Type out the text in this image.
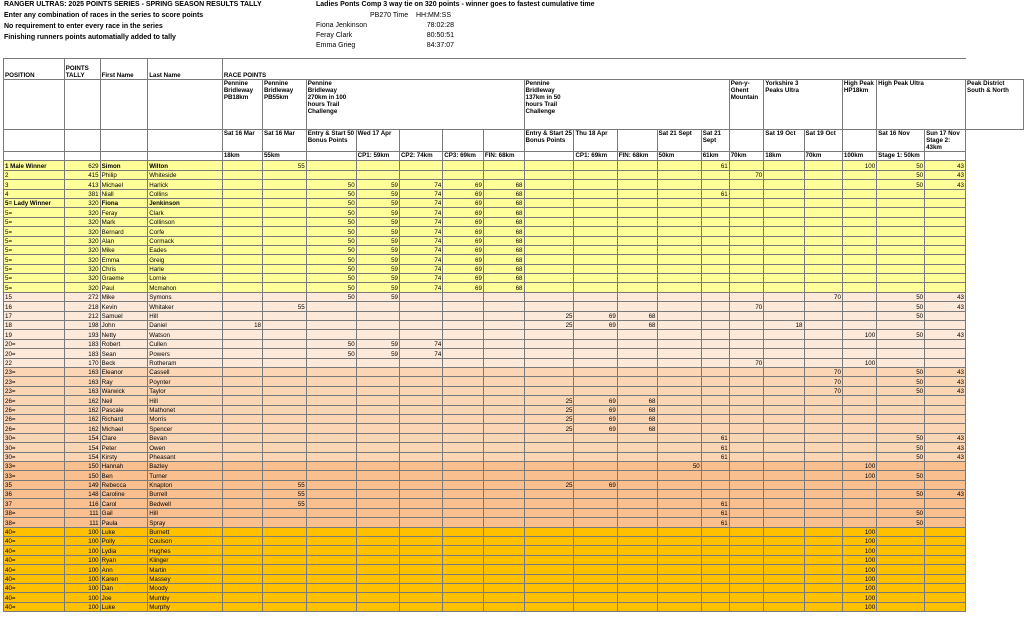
RANGER ULTRAS: 2025 POINTS SERIES - SPRING SEASON RESULTS TALLY
Enter any combination of races in the series to score points
No requirement to enter every race in the series
Finishing runners points automatially added to tally
Ladies Ponts Comp 3 way tie on 320 points - winner goes to fastest cumulative time
PB270 Time HH:MM:SS
Fiona Jenkinson	78:02:28
Feray Clark	80:50:51
Emma Grieg	84:37:07
POSITION	POINTS TALLY	First Name	Last Name	RACE POINTS																		
				Pennine Bridleway PB18km	Pennine Bridleway PB55km	Pennine Bridleway 270km in 100 hours Trail Challenge					Pennine Bridleway 137km in 50 hours Trail Challenge					Pen-y-Ghent Mountain	Yorkshire 3 Peaks Ultra		High Peak HP18km	High Peak Ultra		Peak District South & North

				Sat 16 Mar	Sat 16 Mar	Entry & Start 50 Bonus Points	Wed 17 Apr				Entry & Start 25 Bonus Points	Thu 18 Apr		Sat 21 Sept	Sat 21 Sept		Sat 19 Oct	Sat 19 Oct		Sat 16 Nov	Sun 17 Nov Stage 2: 43km	
				18km	55km		CP1: 59km	CP2: 74km	CP3: 69km	FIN: 68km		CP1: 69km	FIN: 68km	50km	61km	70km	18km	70km	100km	Stage 1: 50km		
1 Male Winner	629	Simon	Wilton		55										61				100	50	43	
2	415	Philip	Whiteside													70				50	43	
3	413	Michael	Harlick			50	59	74	69	68										50	43	
4	381	Niall	Collins			50	59	74	69	68					61							
5= Lady Winner	320	Fiona	Jenkinson			50	59	74	69	68												
5=	320	Feray	Clark			50	59	74	69	68												
5=	320	Mark	Collinson			50	59	74	69	68												
5=	320	Bernard	Corfe			50	59	74	69	68												
5=	320	Alan	Cormack			50	59	74	69	68												
5=	320	Mike	Eades			50	59	74	69	68												
5=	320	Emma	Greig			50	59	74	69	68												
5=	320	Chris	Harle			50	59	74	69	68												
5=	320	Graeme	Lornie			50	59	74	69	68												
5=	320	Paul	Mcmahon			50	59	74	69	68												
15	272	Mike	Symons			50	59											70		50	43	
16	218	Kevin	Whitaker		55											70				50	43	
17	212	Samuel	Hill								25	69	68							50		
18	198	John	Daniel	18							25	69	68				18					
19	193	Netty	Watson																100	50	43	
20=	183	Robert	Cullen			50	59	74														
20=	183	Sean	Powers			50	59	74														
22	170	Beck	Rotheram													70			100			
23=	163	Eleanor	Cassell															70		50	43	
23=	163	Ray	Poynter															70		50	43	
23=	163	Warwick	Taylor															70		50	43	
26=	162	Neil	Hill								25	69	68									
26=	162	Pascale	Mathonet								25	69	68									
26=	162	Richard	Morris								25	69	68									
26=	162	Michael	Spencer								25	69	68									
30=	154	Clare	Bevan												61					50	43	
30=	154	Peter	Owen												61					50	43	
30=	154	Kirsty	Pheasant												61					50	43	
33=	150	Hannah	Bazley											50					100			
33=	150	Ben	Turner																100	50		
35	149	Rebecca	Knapton		55						25	69										
36	148	Caroline	Burrell		55															50	43	
37	116	Carol	Bedwell		55										61							
38=	111	Gail	Hill												61					50		
38=	111	Paula	Spray												61					50		
40=	100	Luke	Burnett																100			
40=	100	Polly	Coulson																100			
40=	100	Lydia	Hughes																100			
40=	100	Ryan	Klinger																100			
40=	100	Ann	Martin																100			
40=	100	Karen	Massey																100			
40=	100	Dan	Moody																100			
40=	100	Joe	Mumby																100			
40=	100	Luke	Murphy																100			
